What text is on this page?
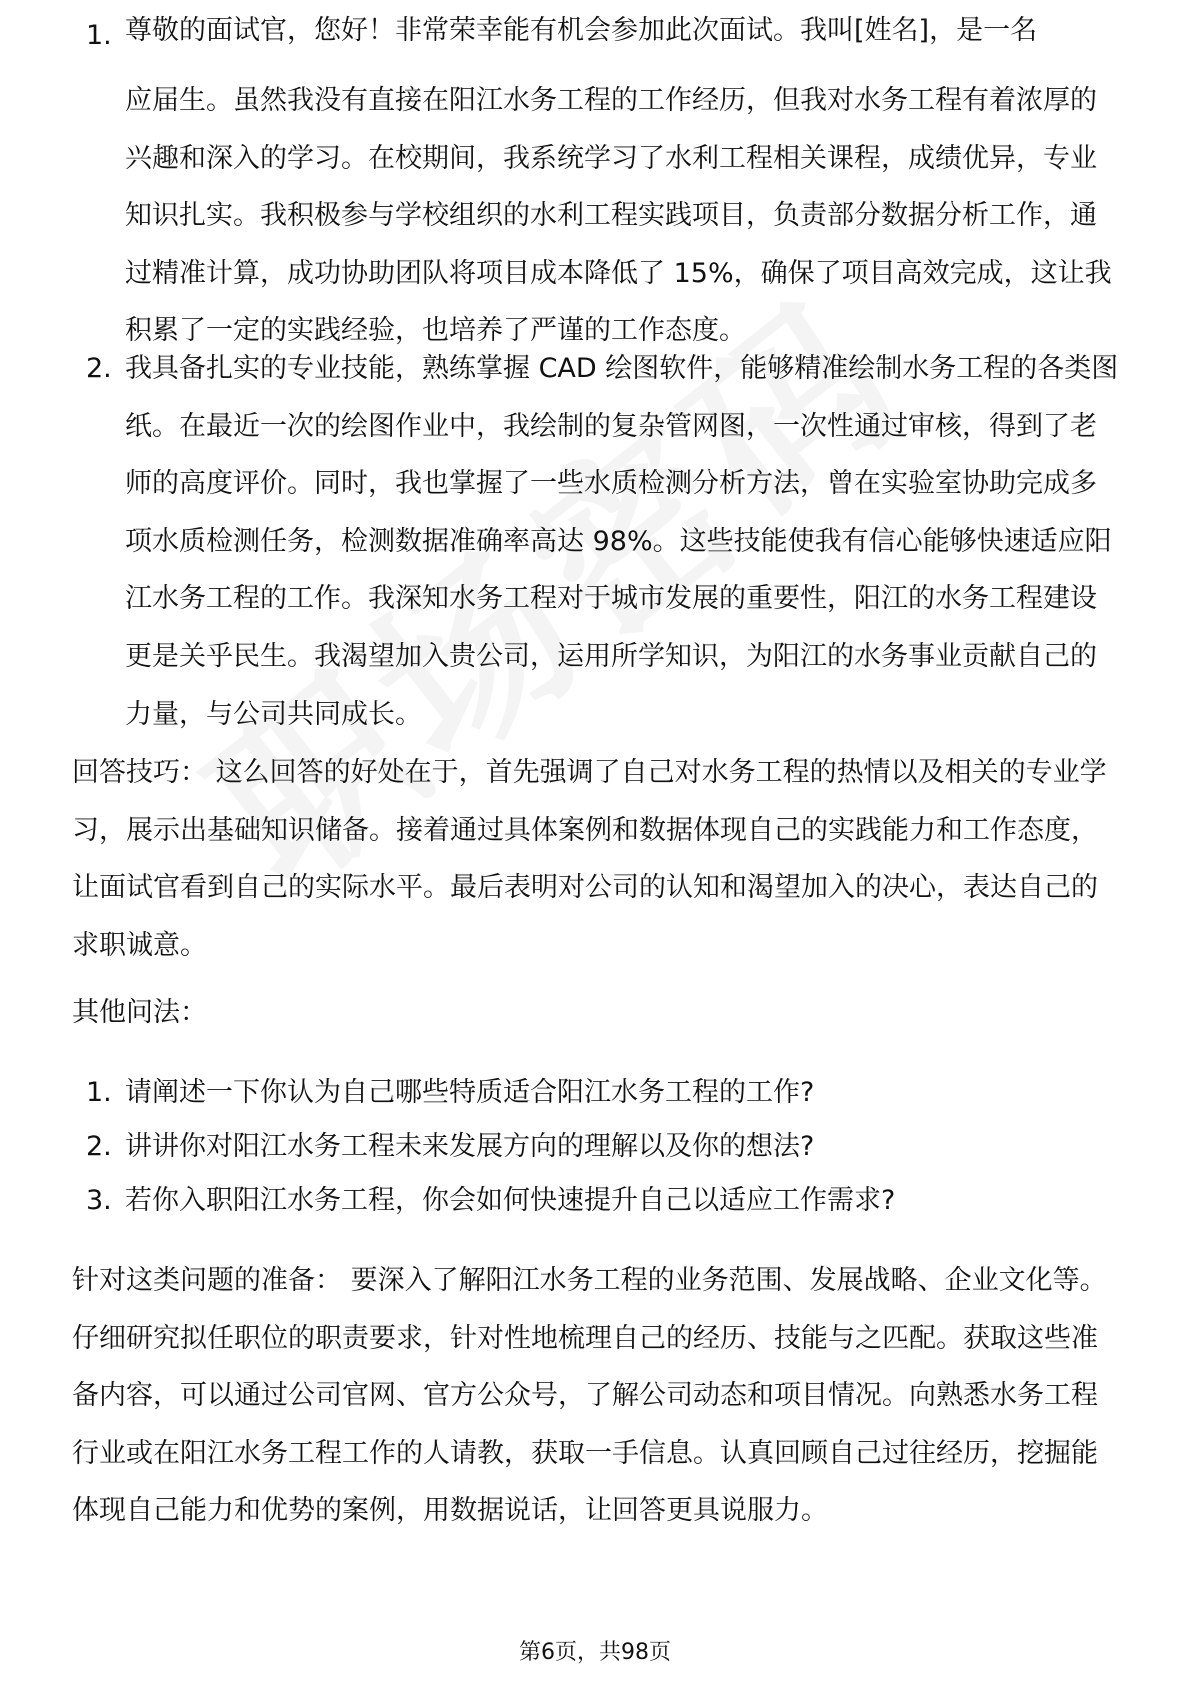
1. 尊敬的面试官，您好！非常荣幸能有机会参加此次面试。我叫[姓名]，是一名
应届生。虽然我没有直接在阳江水务工程的工作经历，但我对水务工程有着浓厚的兴趣和深入的学习。在校期间，我系统学习了水利工程相关课程，成绩优异，专业知识扎实。我积极参与学校组织的水利工程实践项目，负责部分数据分析工作，通过精准计算，成功协助团队将项目成本降低了 15%，确保了项目高效完成，这让我积累了一定的实践经验，也培养了严谨的工作态度。
2. 我具备扎实的专业技能，熟练掌握 CAD 绘图软件，能够精准绘制水务工程的各类图纸。在最近一次的绘图作业中，我绘制的复杂管网图，一次性通过审核，得到了老师的高度评价。同时，我也掌握了一些水质检测分析方法，曾在实验室协助完成多项水质检测任务，检测数据准确率高达 98%。这些技能使我有信心能够快速适应阳江水务工程的工作。我深知水务工程对于城市发展的重要性，阳江的水务工程建设更是关乎民生。我渴望加入贵公司，运用所学知识，为阳江的水务事业贡献自己的力量，与公司共同成长。

回答技巧： 这么回答的好处在于，首先强调了自己对水务工程的热情以及相关的专业学习，展示出基础知识储备。接着通过具体案例和数据体现自己的实践能力和工作态度，让面试官看到自己的实际水平。最后表明对公司的认知和渴望加入的决心，表达自己的求职诚意。

其他问法：

1. 请阐述一下你认为自己哪些特质适合阳江水务工程的工作?
2. 讲讲你对阳江水务工程未来发展方向的理解以及你的想法?
3. 若你入职阳江水务工程，你会如何快速提升自己以适应工作需求?

针对这类问题的准备： 要深入了解阳江水务工程的业务范围、发展战略、企业文化等。仔细研究拟任职位的职责要求，针对性地梳理自己的经历、技能与之匹配。获取这些准备内容，可以通过公司官网、官方公众号，了解公司动态和项目情况。向熟悉水务工程行业或在阳江水务工程工作的人请教，获取一手信息。认真回顾自己过往经历，挖掘能体现自己能力和优势的案例，用数据说话，让回答更具说服力。

第6页，共98页
